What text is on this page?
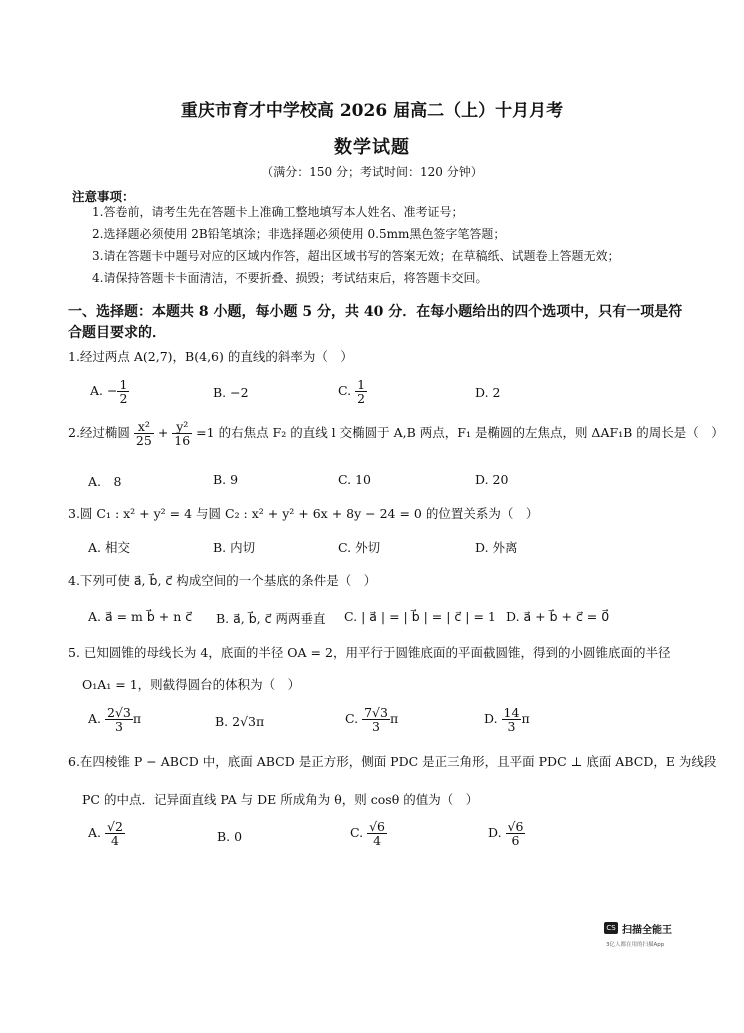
重庆市育才中学校高 2026 届高二（上）十月月考
数学试题
（满分：150 分；考试时间：120 分钟）
注意事项：
1.答卷前，请考生先在答题卡上准确工整地填写本人姓名、准考证号；
2.选择题必须使用 2B铅笔填涂；非选择题必须使用 0.5mm黑色签字笔答题；
3.请在答题卡中题号对应的区域内作答，超出区域书写的答案无效；在草稿纸、试题卷上答题无效；
4.请保持答题卡卡面清洁，不要折叠、损毁；考试结束后，将答题卡交回。
一、选择题：本题共 8 小题，每小题 5 分，共 40 分．在每小题给出的四个选项中，只有一项是符
合题目要求的．
1.经过两点 A(2,7)，B(4,6) 的直线的斜率为（　）
A. − $\frac{1}{2}$	B. −2	C. $\frac{1}{2}$	D. 2
2.经过椭圆 $\frac{\text{x²}}{25} + \frac{\text{y²}}{16} =1$ 的右焦点 F₂ 的直线 l 交椭圆于 A,B 两点，F₁ 是椭圆的左焦点，则 ΔAF₁B 的周长是（　）
A.　8	B. 9	C. 10	D. 20
3.圆 C₁ : x² + y² = 4 与圆 C₂ : x² + y² + 6x + 8y − 24 = 0 的位置关系为（　）
A. 相交	B. 内切	C. 外切	D. 外离
4.下列可使 a⃗, b⃗, c⃗ 构成空间的一个基底的条件是（　）
A. a⃗ = m b⃗ + n c⃗ B. a⃗, b⃗, c⃗ 两两垂直 C. | a⃗ | = | b⃗ | = | c⃗ | = 1 D. a⃗ + b⃗ + c⃗ = 0⃗
5. 已知圆锥的母线长为 4，底面的半径 OA = 2，用平行于圆锥底面的平面截圆锥，得到的小圆锥底面的半径
O₁A₁ = 1，则截得圆台的体积为（　）
A. $\frac{2√3}{3}$ π	B. 2√3π	C. $\frac{7√3}{3}$ π	D. $\frac{14}{3}$ π
6.在四棱锥 P − ABCD 中，底面 ABCD 是正方形，侧面 PDC 是正三角形，且平面 PDC ⊥ 底面 ABCD，E 为线段
PC 的中点．记异面直线 PA 与 DE 所成角为 θ，则 cosθ 的值为（　）
A. $\frac{√2}{4}$	B. 0	C. $\frac{√6}{4}$	D. $\frac{√6}{6}$
CS 扫描全能王
3亿人都在用的扫描App
